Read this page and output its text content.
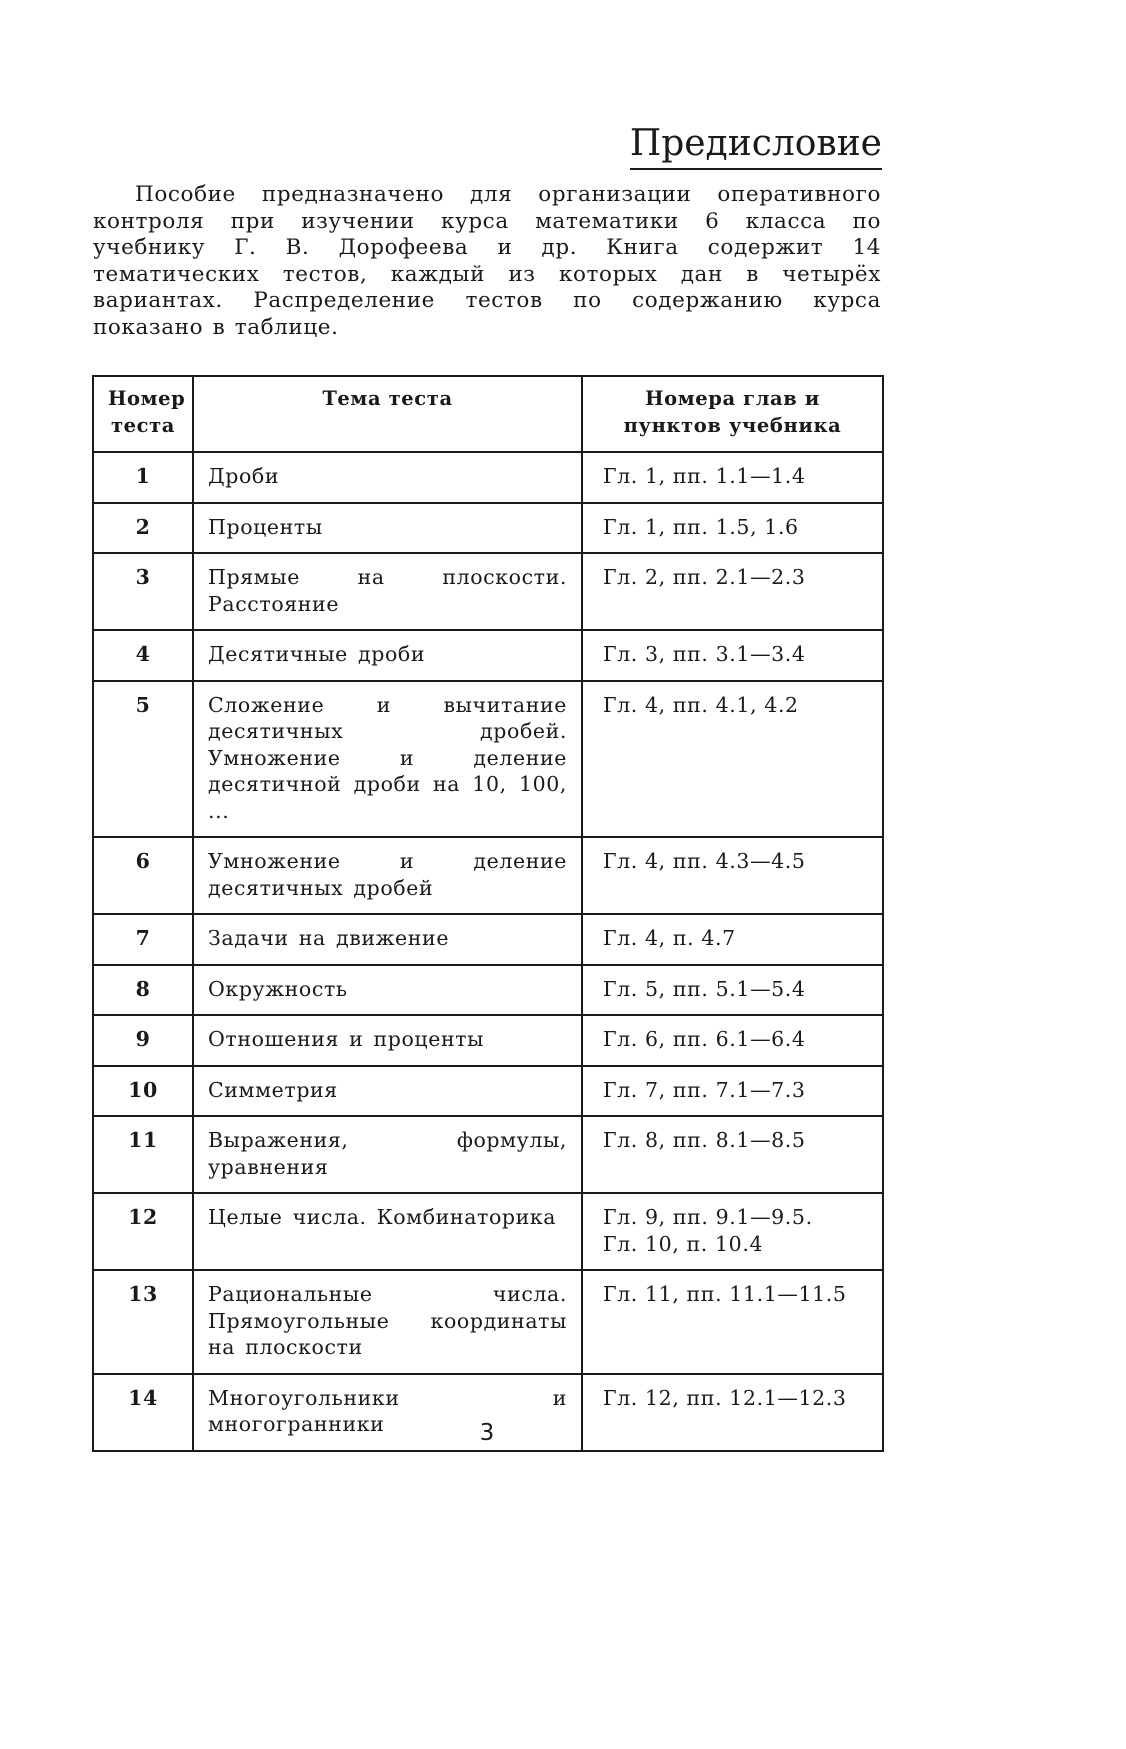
Предисловие

Пособие предназначено для организации оперативного контроля при изучении курса математики 6 класса по учебнику Г. В. Дорофеева и др. Книга содержит 14 тематических тестов, каждый из которых дан в четырёх вариантах. Распределение тестов по содержанию курса показано в таблице.

Номер теста	Тема теста	Номера глав и пунктов учебника
1	Дроби	Гл. 1, пп. 1.1—1.4
2	Проценты	Гл. 1, пп. 1.5, 1.6
3	Прямые на плоскости. Расстояние	Гл. 2, пп. 2.1—2.3
4	Десятичные дроби	Гл. 3, пп. 3.1—3.4
5	Сложение и вычитание десятичных дробей. Умножение и деление десятичной дроби на 10, 100, ...	Гл. 4, пп. 4.1, 4.2
6	Умножение и деление десятичных дробей	Гл. 4, пп. 4.3—4.5
7	Задачи на движение	Гл. 4, п. 4.7
8	Окружность	Гл. 5, пп. 5.1—5.4
9	Отношения и проценты	Гл. 6, пп. 6.1—6.4
10	Симметрия	Гл. 7, пп. 7.1—7.3
11	Выражения, формулы, уравнения	Гл. 8, пп. 8.1—8.5
12	Целые числа. Комбинаторика	Гл. 9, пп. 9.1—9.5.
Гл. 10, п. 10.4
13	Рациональные числа. Прямоугольные координаты на плоскости	Гл. 11, пп. 11.1—11.5
14	Многоугольники и многогранники	Гл. 12, пп. 12.1—12.3
3
